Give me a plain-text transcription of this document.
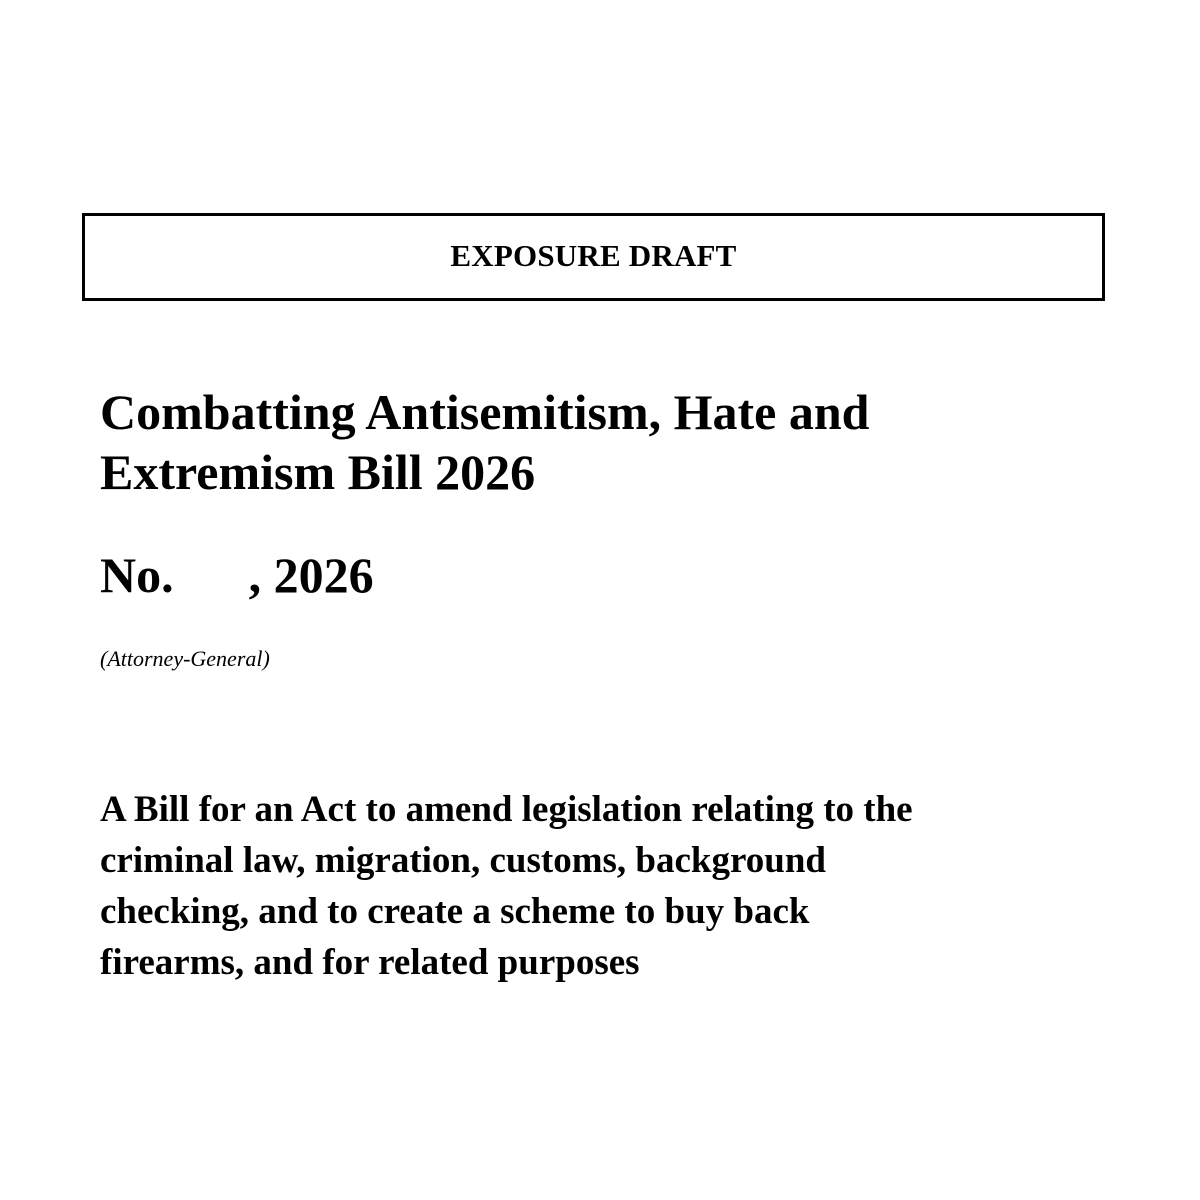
EXPOSURE DRAFT
Combatting Antisemitism, Hate and
Extremism Bill 2026
No. , 2026

(Attorney-General)

A Bill for an Act to amend legislation relating to the
criminal law, migration, customs, background
checking, and to create a scheme to buy back
firearms, and for related purposes
